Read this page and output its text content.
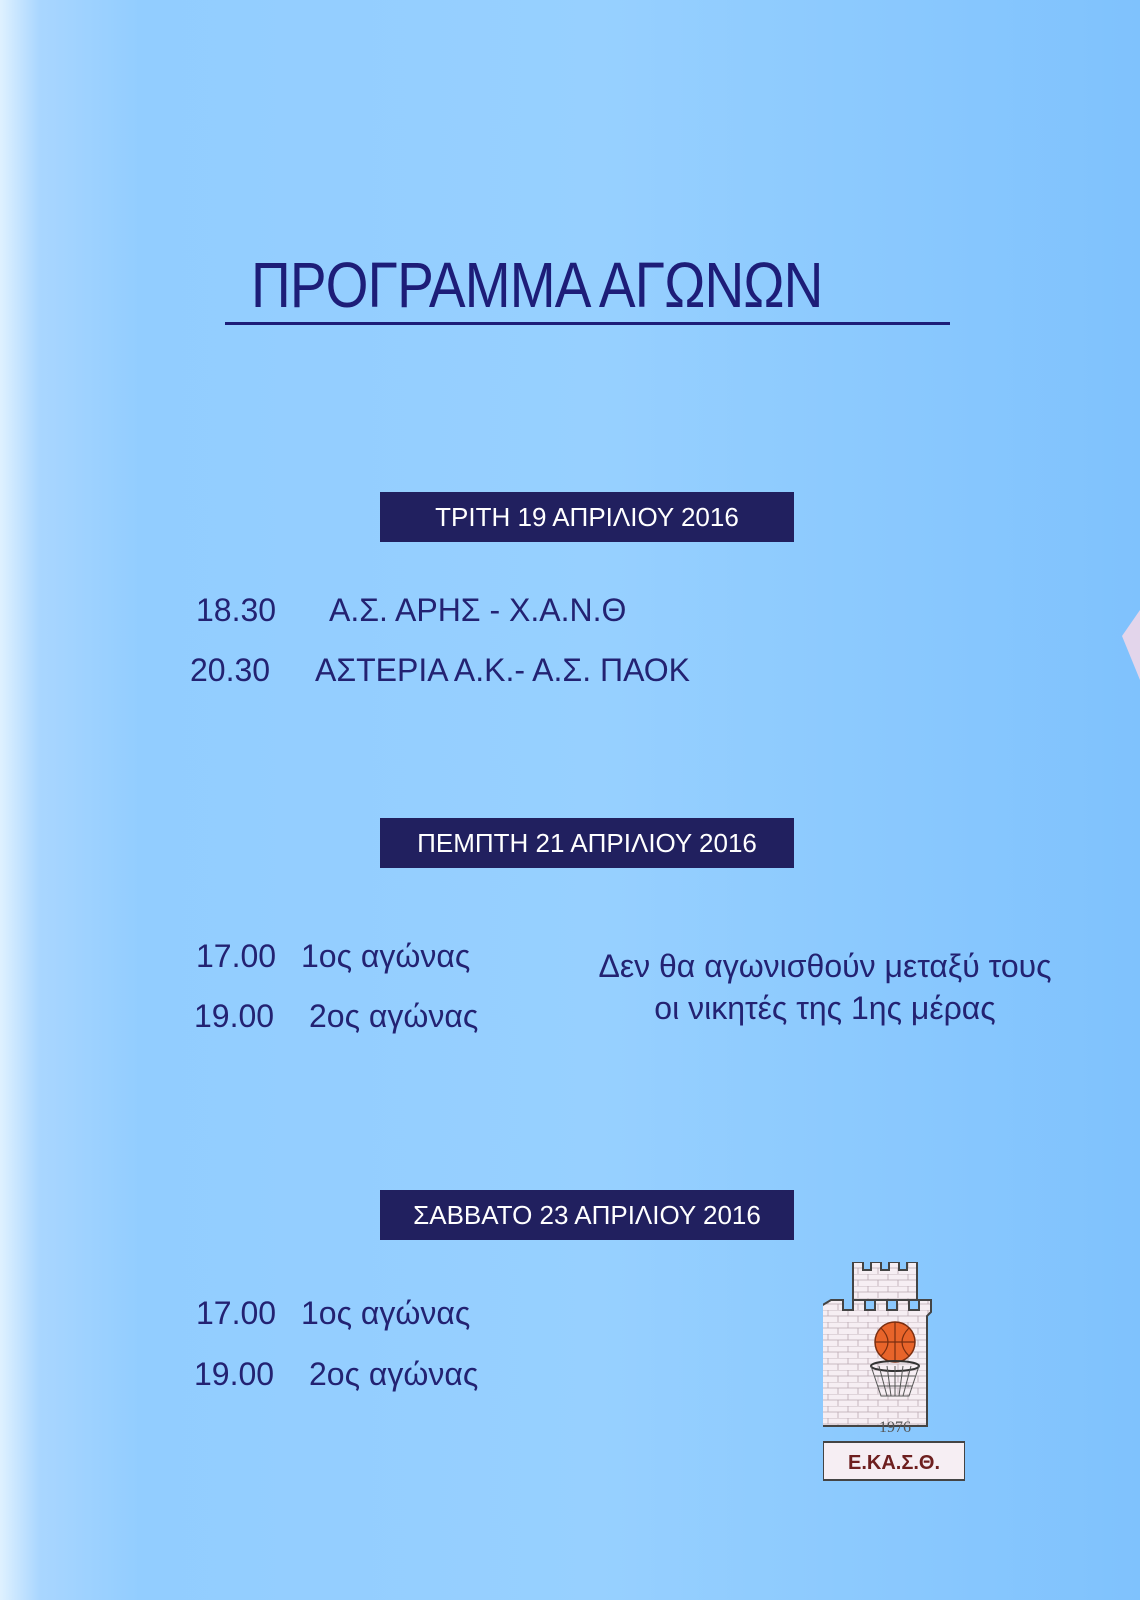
ΠΡΟΓΡΑΜΜΑ ΑΓΩΝΩΝ
ΤΡΙΤΗ 19 ΑΠΡΙΛΙΟΥ 2016
18.30 Α.Σ. ΑΡΗΣ - Χ.Α.Ν.Θ
20.30 ΑΣΤΕΡΙΑ Α.Κ.- Α.Σ. ΠΑΟΚ
ΠΕΜΠΤΗ 21 ΑΠΡΙΛΙΟΥ 2016
17.00 1ος αγώνας
19.00 2ος αγώνας
Δεν θα αγωνισθούν μεταξύ τους
οι νικητές της 1ης μέρας
ΣΑΒΒΑΤΟ 23 ΑΠΡΙΛΙΟΥ 2016
17.00 1ος αγώνας
19.00 2ος αγώνας
1976
Ε.ΚΑ.Σ.Θ.
